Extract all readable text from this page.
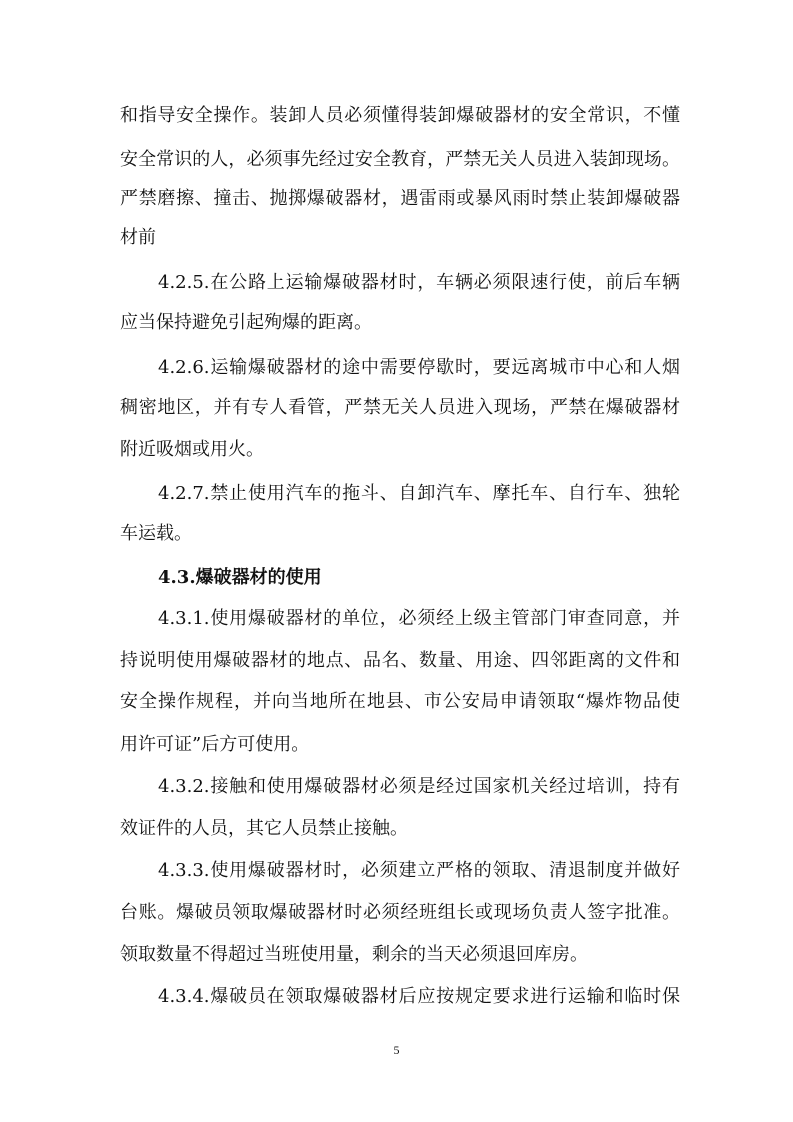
和指导安全操作。装卸人员必须懂得装卸爆破器材的安全常识，不懂
安全常识的人，必须事先经过安全教育，严禁无关人员进入装卸现场。
严禁磨擦、撞击、抛掷爆破器材，遇雷雨或暴风雨时禁止装卸爆破器
材前
4.2.5.在公路上运输爆破器材时，车辆必须限速行使，前后车辆
应当保持避免引起殉爆的距离。
4.2.6.运输爆破器材的途中需要停歇时，要远离城市中心和人烟
稠密地区，并有专人看管，严禁无关人员进入现场，严禁在爆破器材
附近吸烟或用火。
4.2.7.禁止使用汽车的拖斗、自卸汽车、摩托车、自行车、独轮
车运载。
4.3.爆破器材的使用
4.3.1.使用爆破器材的单位，必须经上级主管部门审查同意，并
持说明使用爆破器材的地点、品名、数量、用途、四邻距离的文件和
安全操作规程，并向当地所在地县、市公安局申请领取“爆炸物品使
用许可证”后方可使用。
4.3.2.接触和使用爆破器材必须是经过国家机关经过培训，持有
效证件的人员，其它人员禁止接触。
4.3.3.使用爆破器材时，必须建立严格的领取、清退制度并做好
台账。爆破员领取爆破器材时必须经班组长或现场负责人签字批准。
领取数量不得超过当班使用量，剩余的当天必须退回库房。
4.3.4.爆破员在领取爆破器材后应按规定要求进行运输和临时保
5
